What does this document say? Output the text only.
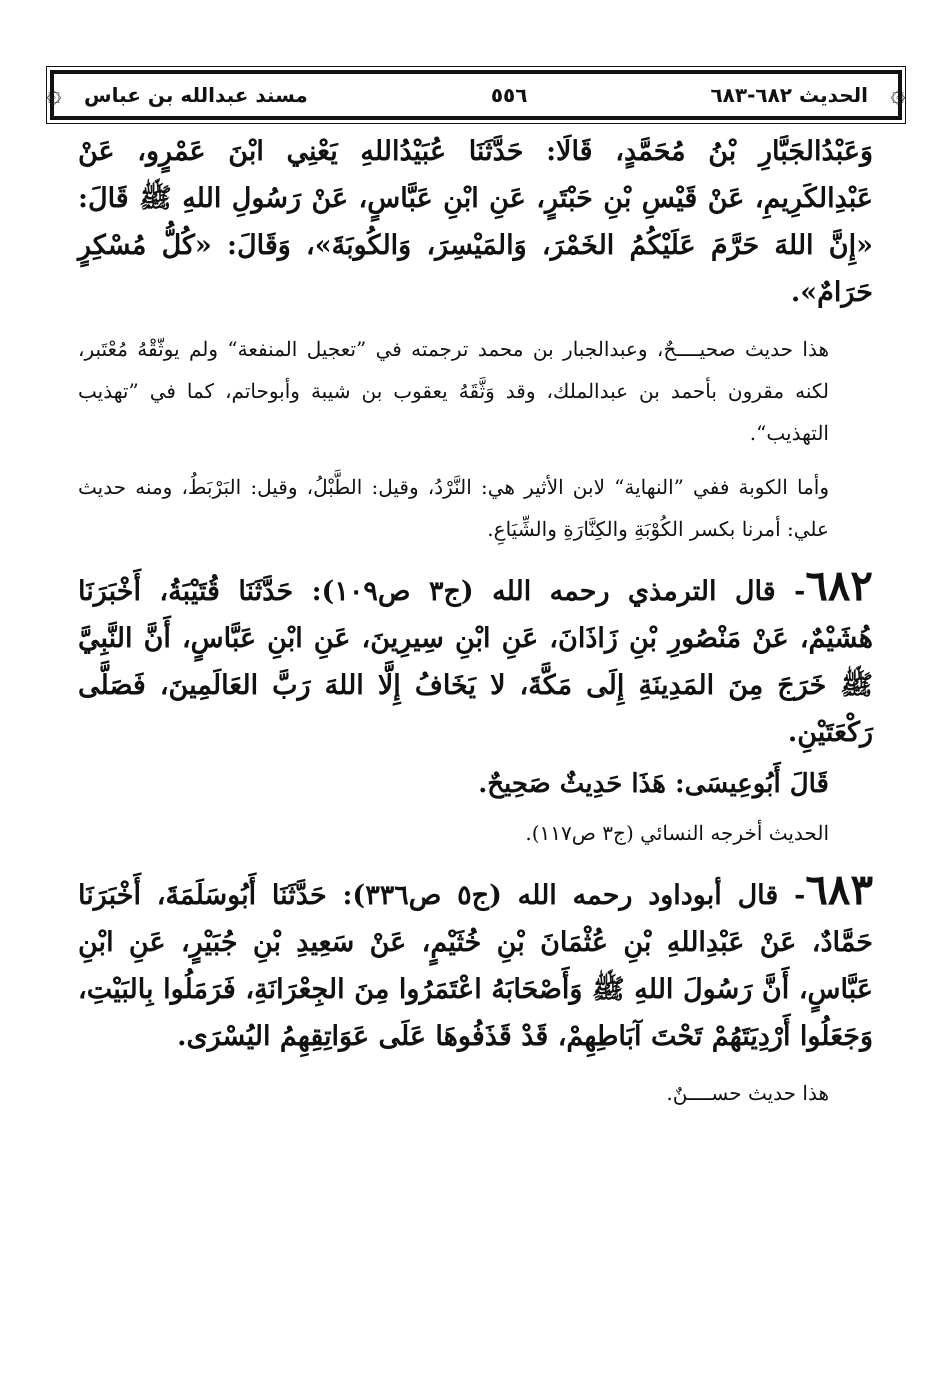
۞	۞
الحديث ٦٨٢-٦٨٣
٥٥٦
مسند عبدالله بن عباس

وَعَبْدُالجَبَّارِ بْنُ مُحَمَّدٍ، قَالَا: حَدَّثَنَا عُبَيْدُاللهِ يَعْنِي ابْنَ عَمْرٍو، عَنْ عَبْدِالكَرِيمِ، عَنْ قَيْسِ بْنِ حَبْتَرٍ، عَنِ ابْنِ عَبَّاسٍ، عَنْ رَسُولِ اللهِ ﷺ قَالَ: «إِنَّ اللهَ حَرَّمَ عَلَيْكُمُ الخَمْرَ، وَالمَيْسِرَ، وَالكُوبَةَ»، وَقَالَ: «كُلُّ مُسْكِرٍ حَرَامٌ».

هذا حديث صحيــــحٌ، وعبدالجبار بن محمد ترجمته في ”تعجيل المنفعة“ ولم يوثّقْهُ مُعْتَبر، لكنه مقرون بأحمد بن عبدالملك، وقد وَثَّقَهُ يعقوب بن شيبة وأبوحاتم، كما في ”تهذيب التهذيب“.

وأما الكوبة ففي ”النهاية“ لابن الأثير هي: النَّرْدُ، وقيل: الطَّبْلُ، وقيل: البَرْبَطُ، ومنه حديث علي: أمرنا بكسر الكُوْبَةِ والكِنَّارَةِ والشِّيَاعِ.

٦٨٢- قال الترمذي رحمه الله (ج٣ ص١٠٩): حَدَّثَنَا قُتَيْبَةُ، أَخْبَرَنَا هُشَيْمٌ، عَنْ مَنْصُورِ بْنِ زَاذَانَ، عَنِ ابْنِ سِيرِينَ، عَنِ ابْنِ عَبَّاسٍ، أَنَّ النَّبِيَّ ﷺ خَرَجَ مِنَ المَدِينَةِ إِلَى مَكَّةَ، لا يَخَافُ إِلَّا اللهَ رَبَّ العَالَمِينَ، فَصَلَّى رَكْعَتَيْنِ.

قَالَ أَبُوعِيسَى: هَذَا حَدِيثٌ صَحِيحٌ.

الحديث أخرجه النسائي (ج٣ ص١١٧).

٦٨٣- قال أبوداود رحمه الله (ج٥ ص٣٣٦): حَدَّثَنَا أَبُوسَلَمَةَ، أَخْبَرَنَا حَمَّادٌ، عَنْ عَبْدِاللهِ بْنِ عُثْمَانَ بْنِ خُثَيْمٍ، عَنْ سَعِيدِ بْنِ جُبَيْرٍ، عَنِ ابْنِ عَبَّاسٍ، أَنَّ رَسُولَ اللهِ ﷺ وَأَصْحَابَهُ اعْتَمَرُوا مِنَ الجِعْرَانَةِ، فَرَمَلُوا بِالبَيْتِ، وَجَعَلُوا أَرْدِيَتَهُمْ تَحْتَ آبَاطِهِمْ، قَدْ قَذَفُوهَا عَلَى عَوَاتِقِهِمُ اليُسْرَى.

هذا حديث حســــنٌ.
